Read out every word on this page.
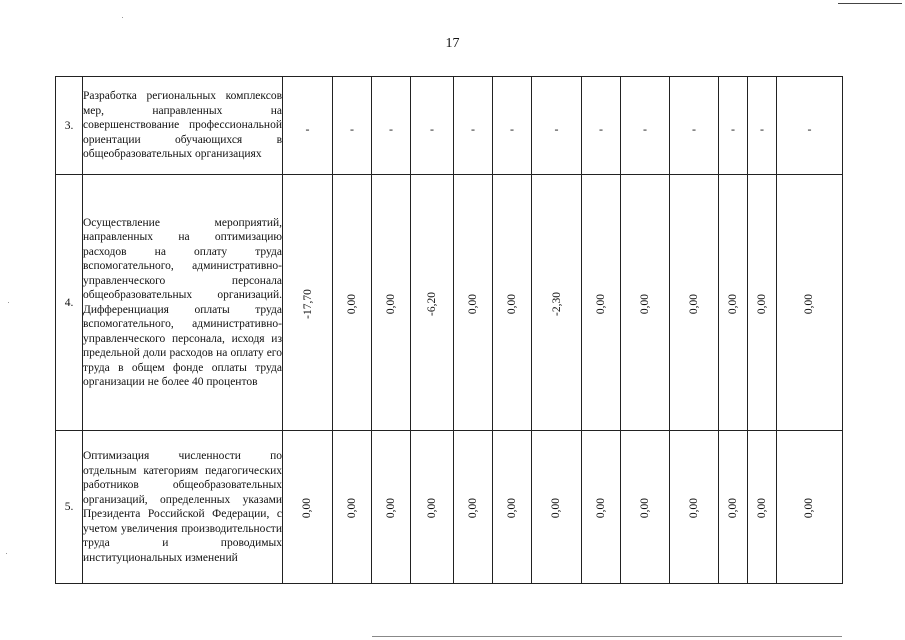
17
3.	Разработка региональных комплексов мер, направленных на совершенствование профессиональной ориентации обучающихся в общеобразовательных организациях	-	-	-	-	-	-	-	-	-	-	-	-	-
4.	Осуществление мероприятий, направленных на оптимизацию расходов на оплату труда вспомогательного, административно-управленческого персонала общеобразовательных организаций. Дифференциация оплаты труда вспомогательного, административно-управленческого персонала, исходя из предельной доли расходов на оплату его труда в общем фонде оплаты труда организации не более 40 процентов	-17,70	0,00	0,00	-6,20	0,00	0,00	-2,30	0,00	0,00	0,00	0,00	0,00	0,00
5.	Оптимизация численности по отдельным категориям педагогических работников общеобразовательных организаций, определенных указами Президента Российской Федерации, с учетом увеличения производительности труда и проводимых институциональных изменений	0,00	0,00	0,00	0,00	0,00	0,00	0,00	0,00	0,00	0,00	0,00	0,00	0,00
